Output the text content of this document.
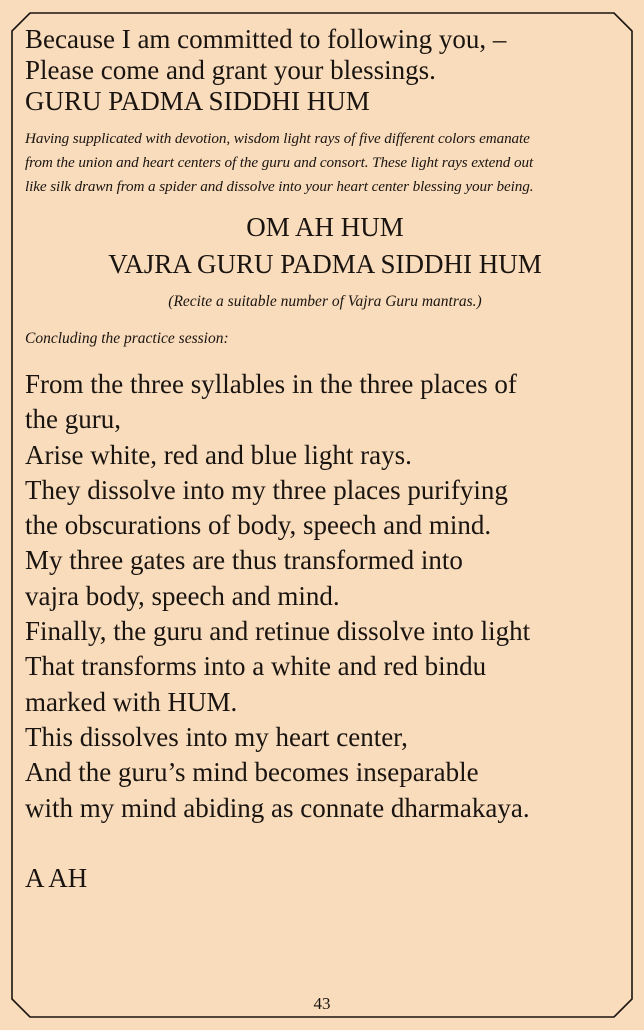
Because I am committed to following you, –
Please come and grant your blessings.
GURU PADMA SIDDHI HUM
Having supplicated with devotion, wisdom light rays of five different colors emanate
from the union and heart centers of the guru and consort. These light rays extend out
like silk drawn from a spider and dissolve into your heart center blessing your being.
OM AH HUM
VAJRA GURU PADMA SIDDHI HUM
(Recite a suitable number of Vajra Guru mantras.)
Concluding the practice session:
From the three syllables in the three places of
the guru,
Arise white, red and blue light rays.
They dissolve into my three places purifying
the obscurations of body, speech and mind.
My three gates are thus transformed into
vajra body, speech and mind.
Finally, the guru and retinue dissolve into light
That transforms into a white and red bindu
marked with HUM.
This dissolves into my heart center,
And the guru’s mind becomes inseparable
with my mind abiding as connate dharmakaya.
A AH
43
